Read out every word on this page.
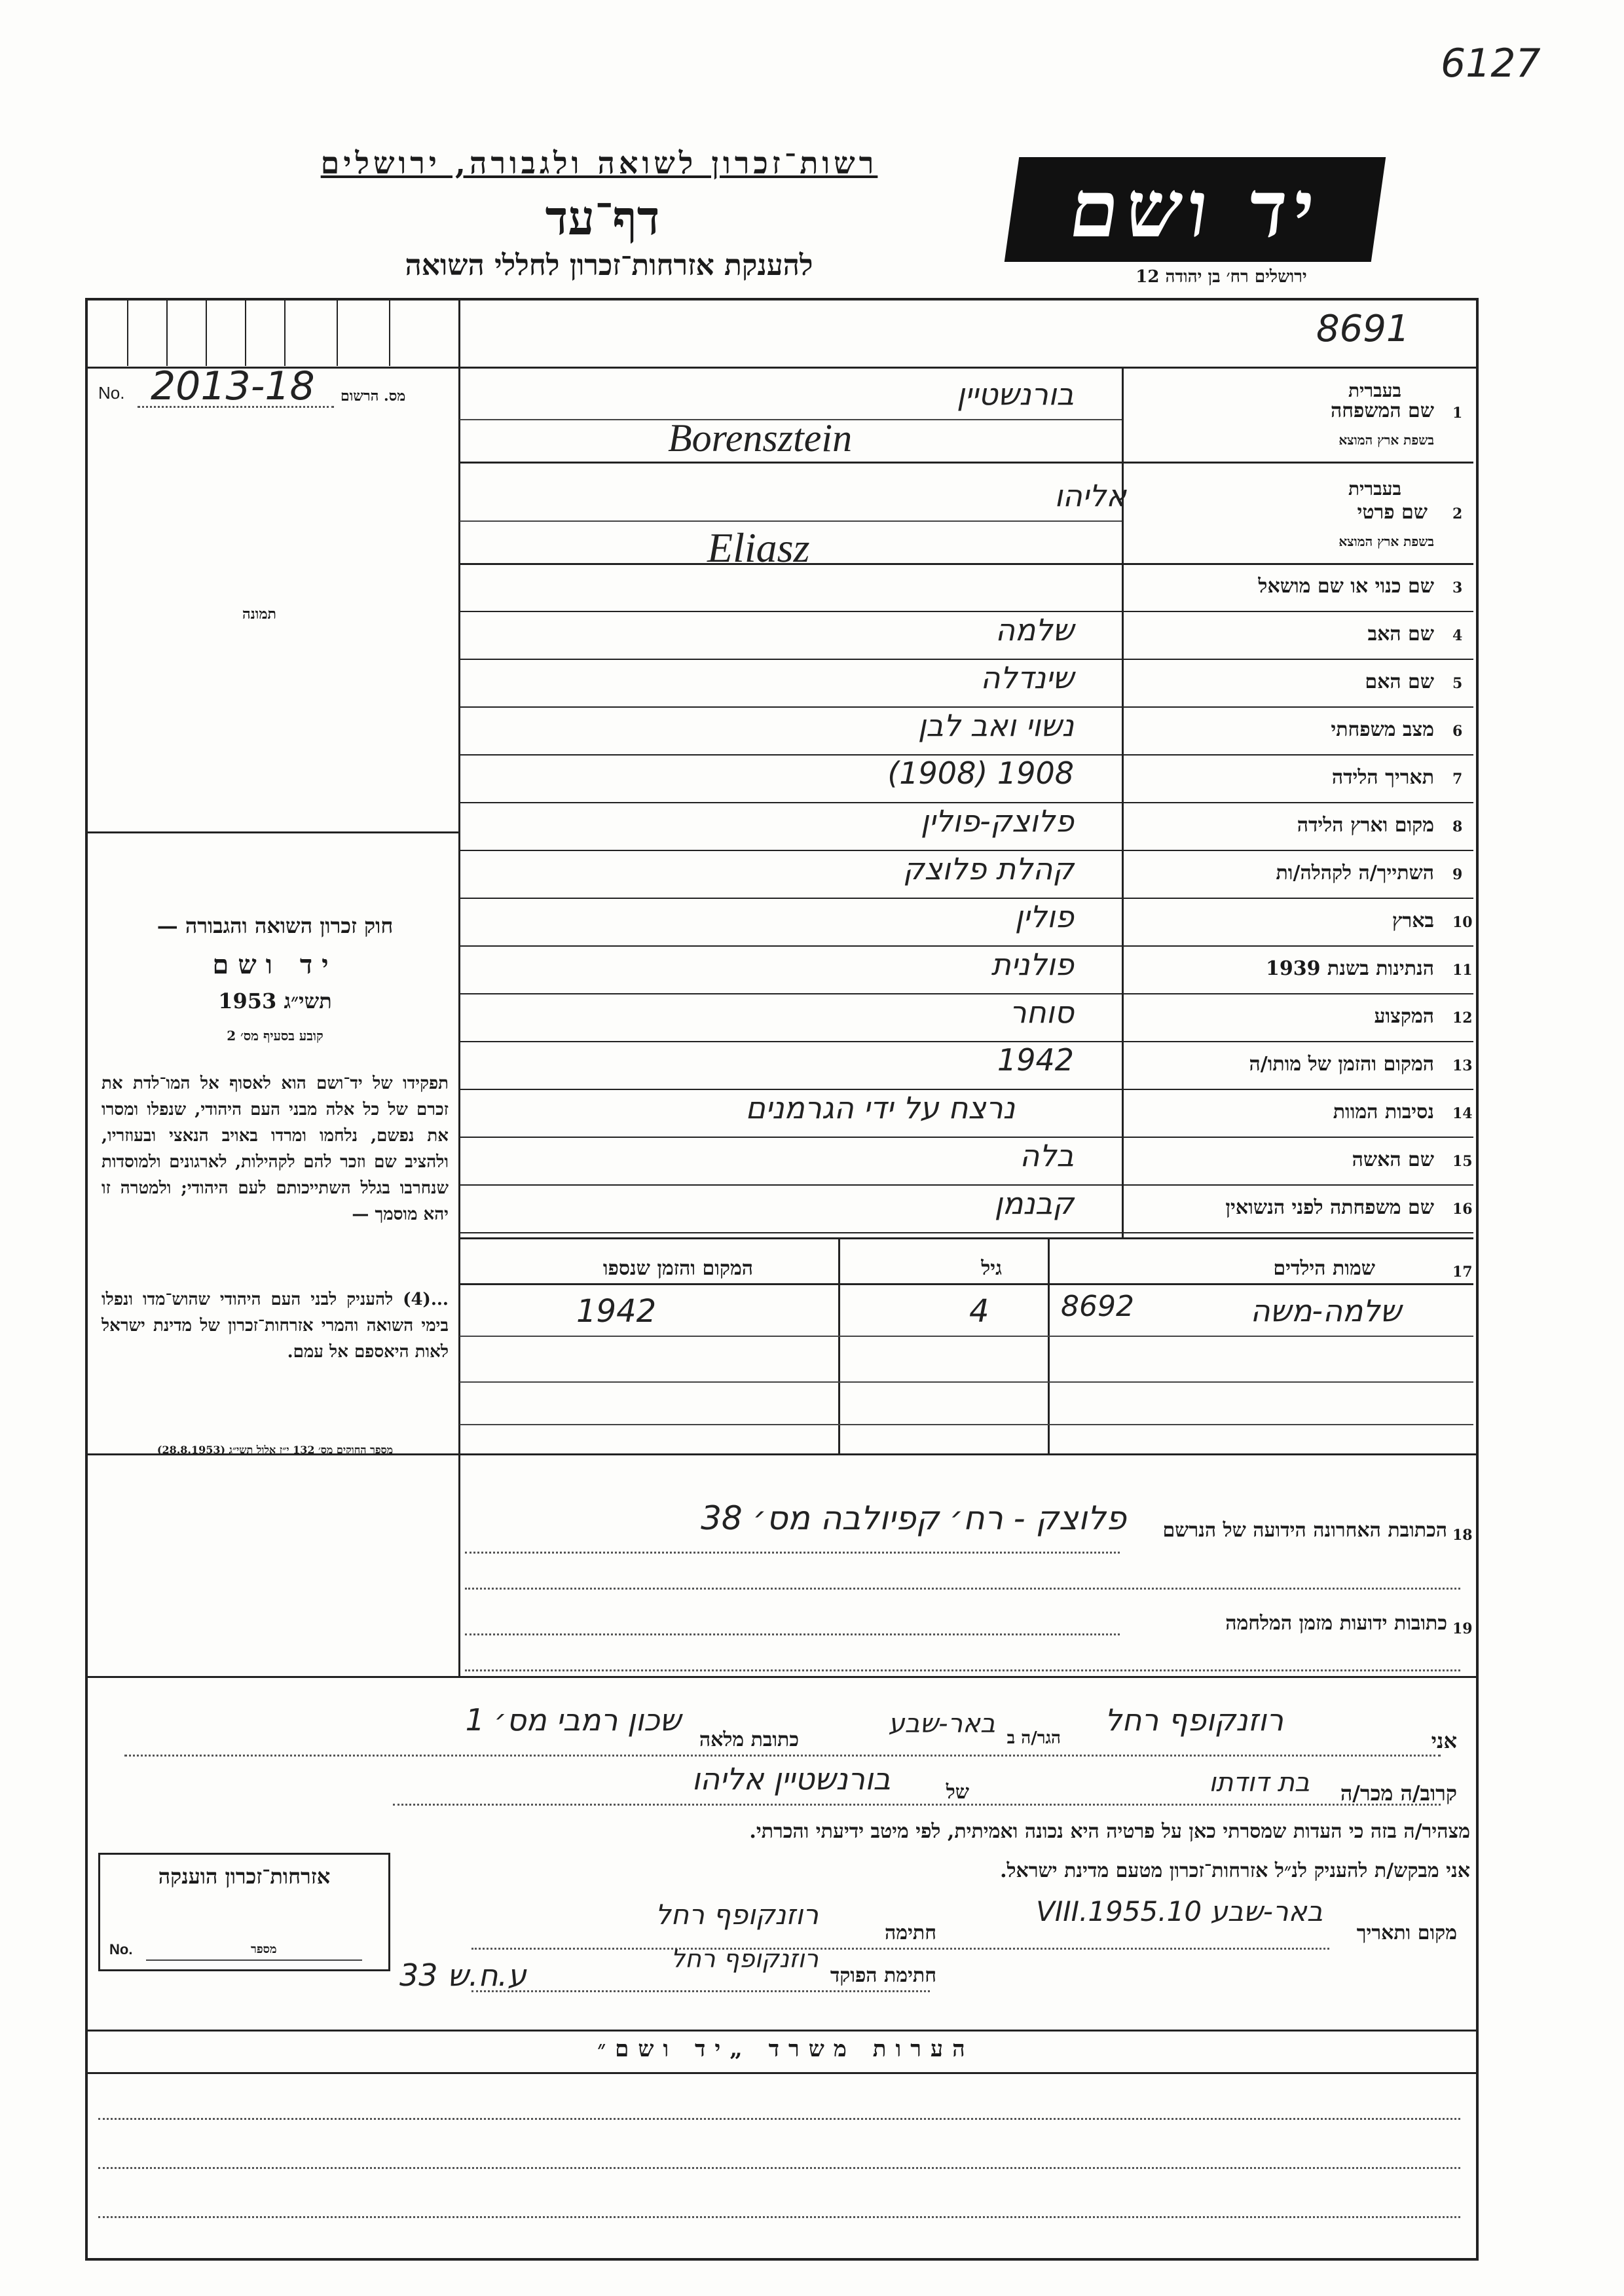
6127
רשות־זכרון לשואה ולגבורה, ירושלים
דף־עד
להענקת אזרחות־זכרון לחללי השואה
יד ושם
ירושלים רח׳ בן יהודה 12
8691
No. 2013-18 מס. הרשום
תמונה
חוק זכרון השואה והגבורה —
יד ושם
תשי״ג 1953
קובע בסעיף מס׳ 2
תפקידו של יד־ושם הוא לאסוף אל המו־לדת את זכרם של כל אלה מבני העם היהודי, שנפלו ומסרו את נפשם, נלחמו ומרדו באויב הנאצי ובעוזריו, ולהציב שם וזכר להם לקהילות, לארגונים ולמוסדות שנחרבו בגלל השתייכותם לעם היהודי; ולמטרה זו יהא מוסמך —
...(4) להעניק לבני העם היהודי שהוש־מדו ונפלו בימי השואה והמרי אזרחות־זכרון של מדינת ישראל לאות היאספם אל עמם.
מספר החוקים מס׳ 132 י״ז אלול תשי״ג (28.8.1953)
שם המשפחה 1
בעברית
בשפת ארץ המוצא
בורנשטיין
Borensztein
שם פרטי 2
בעברית
בשפת ארץ המוצא
אליהו
Eliasz
3
שם כנוי או שם מושאל
4
שם האב
שלמה
5
שם האם
שינדלה
6
מצב משפחתי
נשוי ואב לבן
7
תאריך הלידה
1908 (1908)
8
מקום וארץ הלידה
פלוצק-פולין
9
השתייך/ה לקהלה/ות
קהלת פלוצק
10
בארץ
פולין
11
הנתינות בשנת 1939
פולנית
12
המקצוע
סוחר
13
המקום והזמן של מותו/ה
1942
14
נסיבות המוות
נרצח על ידי הגרמנים
15
שם האשה
בלה
16
שם משפחתה לפני הנשואין
קבנמן
17
שמות הילדים
גיל
המקום והזמן שנספו
שלמה-משה
8692
4
1942
18
הכתובת האחרונה הידועה של הנרשם
פלוצק - רח׳ קפיולבה מס׳ 38
19
כתובות ידועות מזמן המלחמה
אני
רוזנקופף רחל
הגר/ה ב
באר-שבע
כתובת מלאה
שכון רמבי מס׳ 1
קרוב/ה מכר/ה
בת דודתו
של
בורנשטיין אליהו
מצהיר/ה בזה כי העדות שמסרתי כאן על פרטיה היא נכונה ואמיתית, לפי מיטב ידיעתי והכרתי.
אני מבקש/ת להעניק לנ״ל אזרחות־זכרון מטעם מדינת ישראל.
אזרחות־זכרון הוענקה
No.	מספר
מקום ותאריך
באר-שבע 10.VIII.1955
חתימה
רוזנקופף רחל
חתימת הפוקד
רוזנקופף רחל
33 ע.ח.ש
הערות משרד „יד ושם״
